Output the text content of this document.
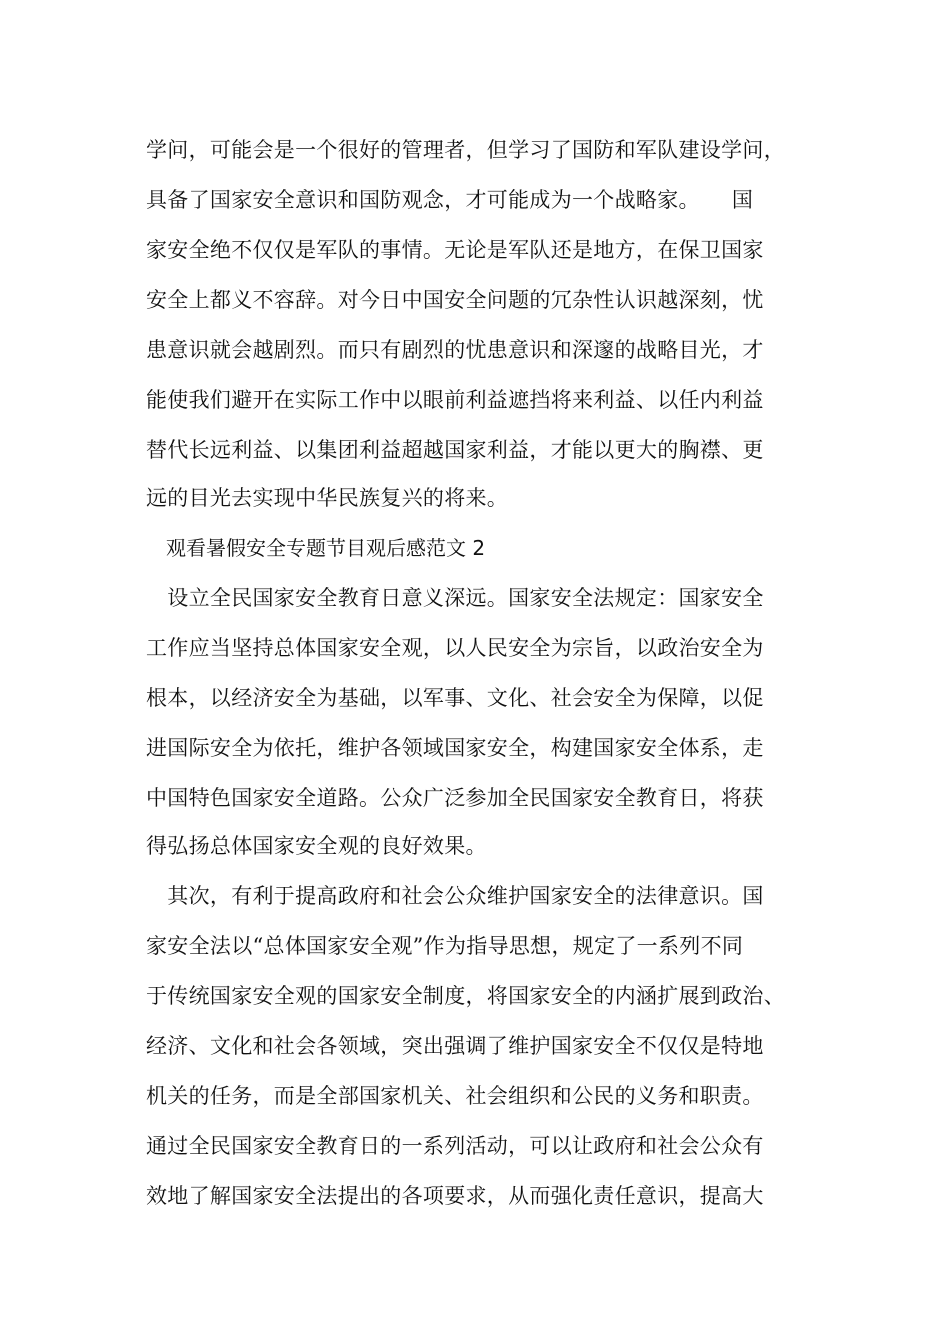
学问，可能会是一个很好的管理者，但学习了国防和军队建设学问，
具备了国家安全意识和国防观念，才可能成为一个战略家。　　国
家安全绝不仅仅是军队的事情。无论是军队还是地方，在保卫国家
安全上都义不容辞。对今日中国安全问题的冗杂性认识越深刻，忧
患意识就会越剧烈。而只有剧烈的忧患意识和深邃的战略目光，才
能使我们避开在实际工作中以眼前利益遮挡将来利益、以任内利益
替代长远利益、以集团利益超越国家利益，才能以更大的胸襟、更
远的目光去实现中华民族复兴的将来。
　观看暑假安全专题节目观后感范文 2
　设立全民国家安全教育日意义深远。国家安全法规定：国家安全
工作应当坚持总体国家安全观，以人民安全为宗旨，以政治安全为
根本，以经济安全为基础，以军事、文化、社会安全为保障，以促
进国际安全为依托，维护各领域国家安全，构建国家安全体系，走
中国特色国家安全道路。公众广泛参加全民国家安全教育日，将获
得弘扬总体国家安全观的良好效果。
　其次，有利于提高政府和社会公众维护国家安全的法律意识。国
家安全法以“总体国家安全观”作为指导思想，规定了一系列不同
于传统国家安全观的国家安全制度，将国家安全的内涵扩展到政治、
经济、文化和社会各领域，突出强调了维护国家安全不仅仅是特地
机关的任务，而是全部国家机关、社会组织和公民的义务和职责。
通过全民国家安全教育日的一系列活动，可以让政府和社会公众有
效地了解国家安全法提出的各项要求，从而强化责任意识，提高大
